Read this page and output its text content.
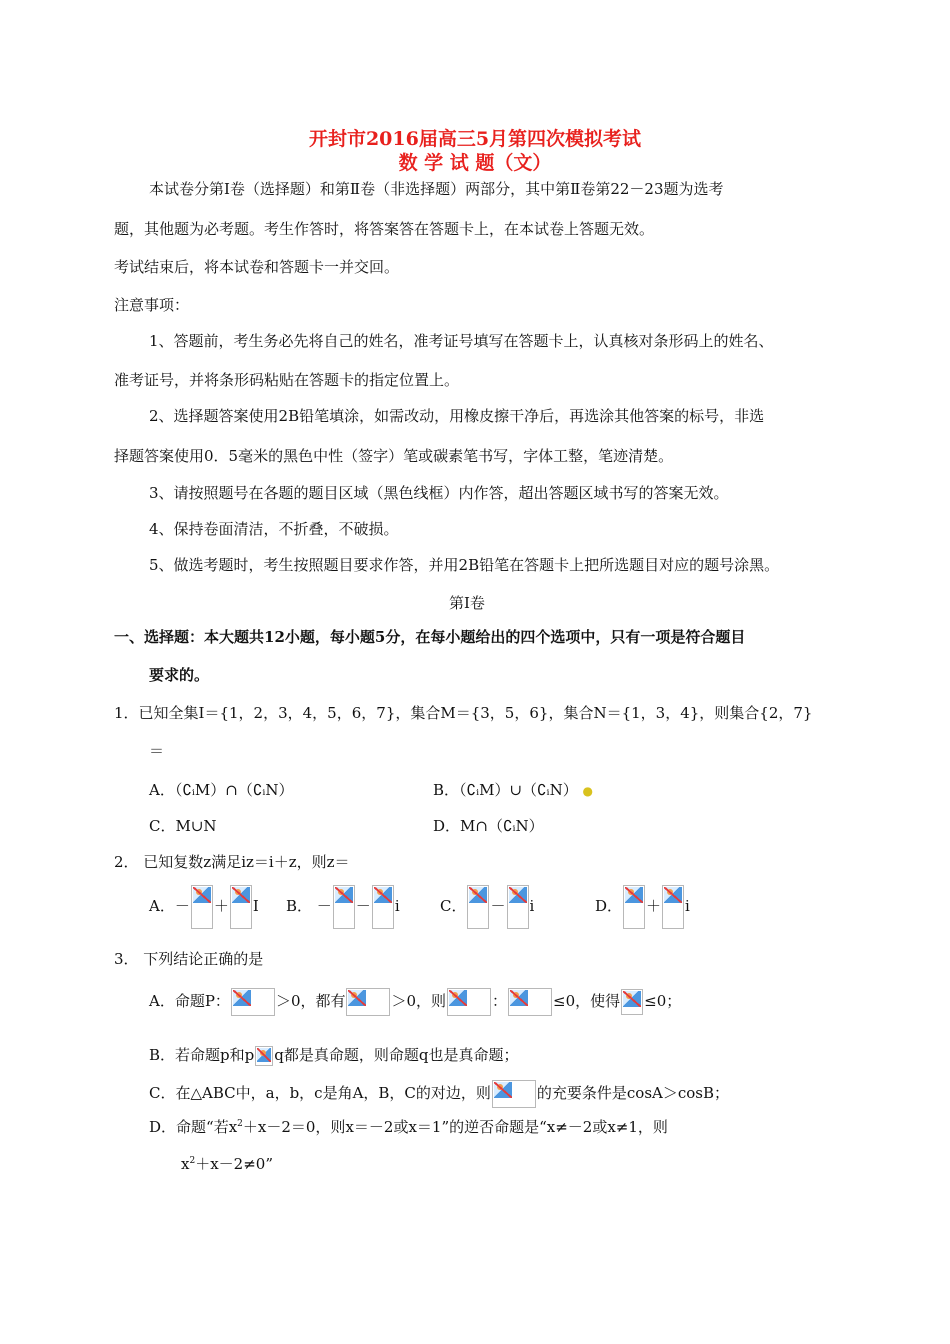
开封市2016届高三5月第四次模拟考试
数 学 试 题（文）
本试卷分第Ⅰ卷（选择题）和第Ⅱ卷（非选择题）两部分，其中第Ⅱ卷第22－23题为选考
题，其他题为必考题。考生作答时，将答案答在答题卡上，在本试卷上答题无效。
考试结束后，将本试卷和答题卡一并交回。
注意事项：
1、答题前，考生务必先将自己的姓名，准考证号填写在答题卡上，认真核对条形码上的姓名、
准考证号，并将条形码粘贴在答题卡的指定位置上。
2、选择题答案使用2B铅笔填涂，如需改动，用橡皮擦干净后，再选涂其他答案的标号，非选
择题答案使用0．5毫米的黑色中性（签字）笔或碳素笔书写，字体工整，笔迹清楚。
3、请按照题号在各题的题目区域（黑色线框）内作答，超出答题区域书写的答案无效。
4、保持卷面清洁，不折叠，不破损。
5、做选考题时，考生按照题目要求作答，并用2B铅笔在答题卡上把所选题目对应的题号涂黑。
第Ⅰ卷
一、选择题：本大题共12小题，每小题5分，在每小题给出的四个选项中，只有一项是符合题目
要求的。
1．已知全集Ⅰ＝{1，2，3，4，5，6，7}，集合M＝{3，5，6}，集合N＝{1，3，4}，则集合{2，7}
＝
A．（∁ᵢM）∩（∁ᵢN）	B．（∁ᵢM）∪（∁ᵢN） ●
C．M∪N	D．M∩（∁ᵢN）
2． 已知复数z满足iz＝i＋z，则z＝
A．－ ＋ I B． － － i	C． － i	D． ＋ i
3． 下列结论正确的是
A．命题P：	＞0，都有	＞0，则	：	≤0，使得 ≤0；
B．若命题p和p q都是真命题，则命题q也是真命题；
C．在△ABC中，a，b，c是角A，B，C的对边，则	的充要条件是cosA＞cosB；
D．命题“若$x^2+x-2=0$，则x＝－2或x＝1”的逆否命题是“x≠－2或x≠1，则
$x^2+x-2\ne 0$”
